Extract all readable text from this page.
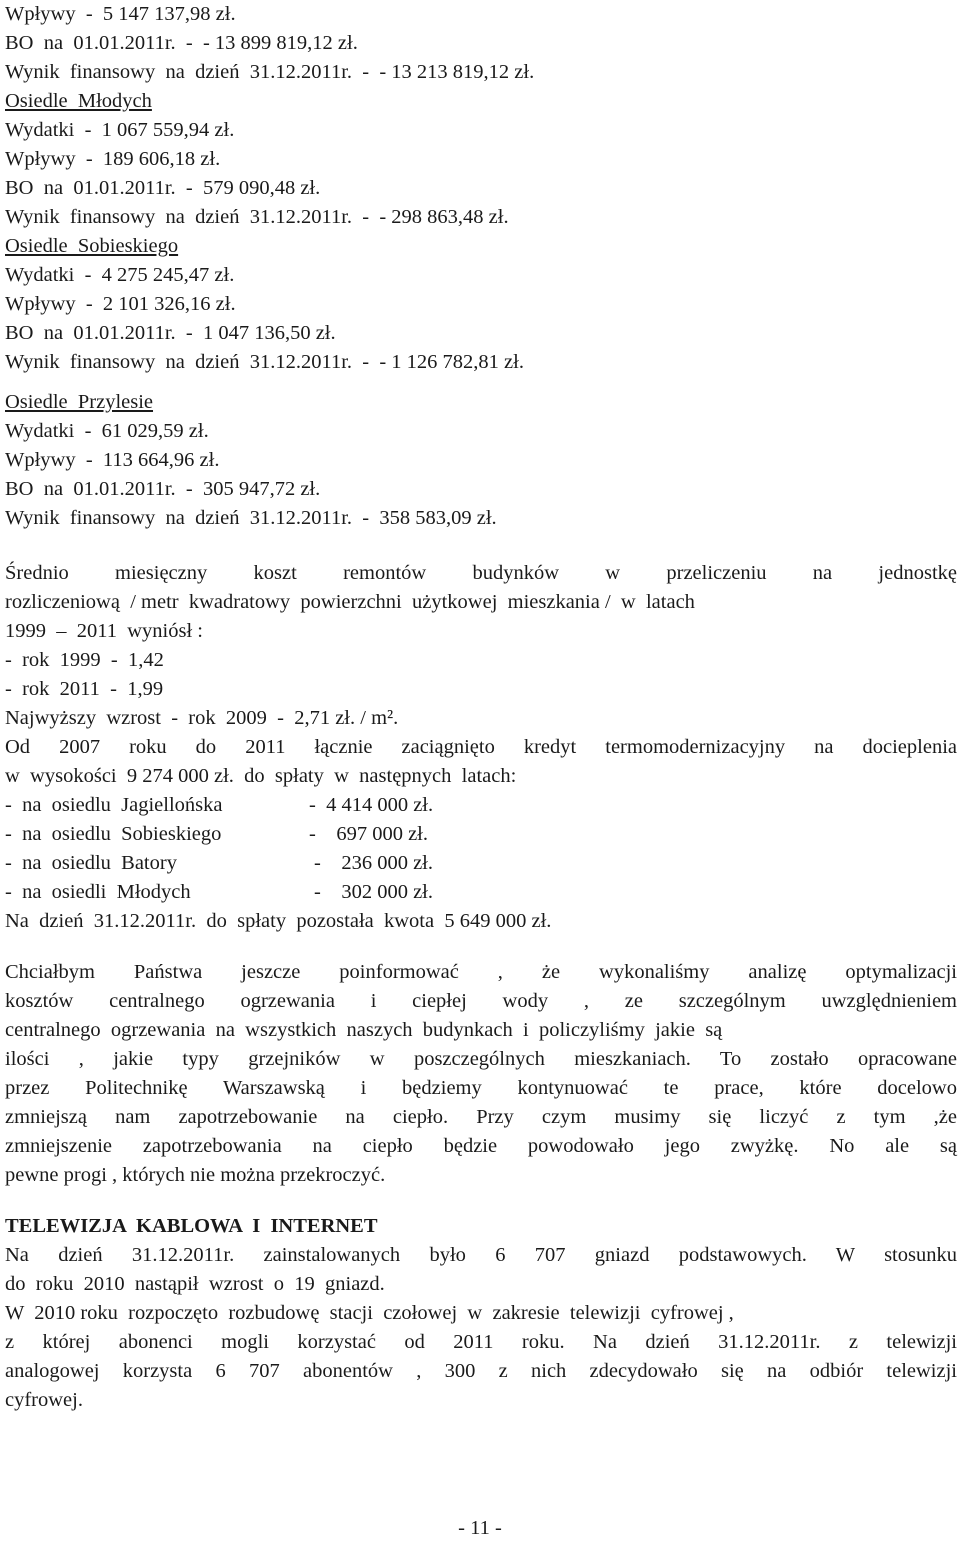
Wpływy  -  5 147 137,98 zł.
BO  na  01.01.2011r.  -  - 13 899 819,12 zł.
Wynik  finansowy  na  dzień  31.12.2011r.  -  - 13 213 819,12 zł.
Osiedle  Młodych
Wydatki  -  1 067 559,94 zł.
Wpływy  -  189 606,18 zł.
BO  na  01.01.2011r.  -  579 090,48 zł.
Wynik  finansowy  na  dzień  31.12.2011r.  -  - 298 863,48 zł.
Osiedle  Sobieskiego
Wydatki  -  4 275 245,47 zł.
Wpływy  -  2 101 326,16 zł.
BO  na  01.01.2011r.  -  1 047 136,50 zł.
Wynik  finansowy  na  dzień  31.12.2011r.  -  - 1 126 782,81 zł.
Osiedle  Przylesie
Wydatki  -  61 029,59 zł.
Wpływy  -  113 664,96 zł.
BO  na  01.01.2011r.  -  305 947,72 zł.
Wynik  finansowy  na  dzień  31.12.2011r.  -  358 583,09 zł.
Średnio miesięczny koszt remontów budynków w przeliczeniu na jednostkę
rozliczeniową  / metr  kwadratowy  powierzchni  użytkowej  mieszkania /  w  latach
1999  –  2011  wyniósł :
-  rok  1999  -  1,42
-  rok  2011  -  1,99
Najwyższy  wzrost  -  rok  2009  -  2,71 zł. / m².
Od 2007 roku do 2011 łącznie zaciągnięto kredyt termomodernizacyjny na docieplenia
w  wysokości  9 274 000 zł.  do  spłaty  w  następnych  latach:
-  na  osiedlu  Jagiellońska	-  4 414 000 zł.
-  na  osiedlu  Sobieskiego	-    697 000 zł.
-  na  osiedlu  Batory	-    236 000 zł.
-  na  osiedli  Młodych	-    302 000 zł.
Na  dzień  31.12.2011r.  do  spłaty  pozostała  kwota  5 649 000 zł.
Chciałbym Państwa jeszcze poinformować , że wykonaliśmy analizę optymalizacji
kosztów centralnego ogrzewania i ciepłej wody , ze szczególnym uwzględnieniem
centralnego  ogrzewania  na  wszystkich  naszych  budynkach  i  policzyliśmy  jakie  są
ilości , jakie typy grzejników w poszczególnych mieszkaniach. To zostało opracowane
przez Politechnikę Warszawską i będziemy kontynuować te prace, które docelowo
zmniejszą nam zapotrzebowanie na ciepło. Przy czym musimy się liczyć z tym ,że
zmniejszenie zapotrzebowania na ciepło będzie powodowało jego zwyżkę. No ale są
pewne progi , których nie można przekroczyć.
TELEWIZJA  KABLOWA  I  INTERNET
Na dzień 31.12.2011r. zainstalowanych było 6 707 gniazd podstawowych. W stosunku
do  roku  2010  nastąpił  wzrost  o  19  gniazd.
W  2010 roku  rozpoczęto  rozbudowę  stacji  czołowej  w  zakresie  telewizji  cyfrowej ,
z której abonenci mogli korzystać od 2011 roku. Na dzień 31.12.2011r. z telewizji
analogowej korzysta 6 707 abonentów , 300 z nich zdecydowało się na odbiór telewizji
cyfrowej.
- 11 -
